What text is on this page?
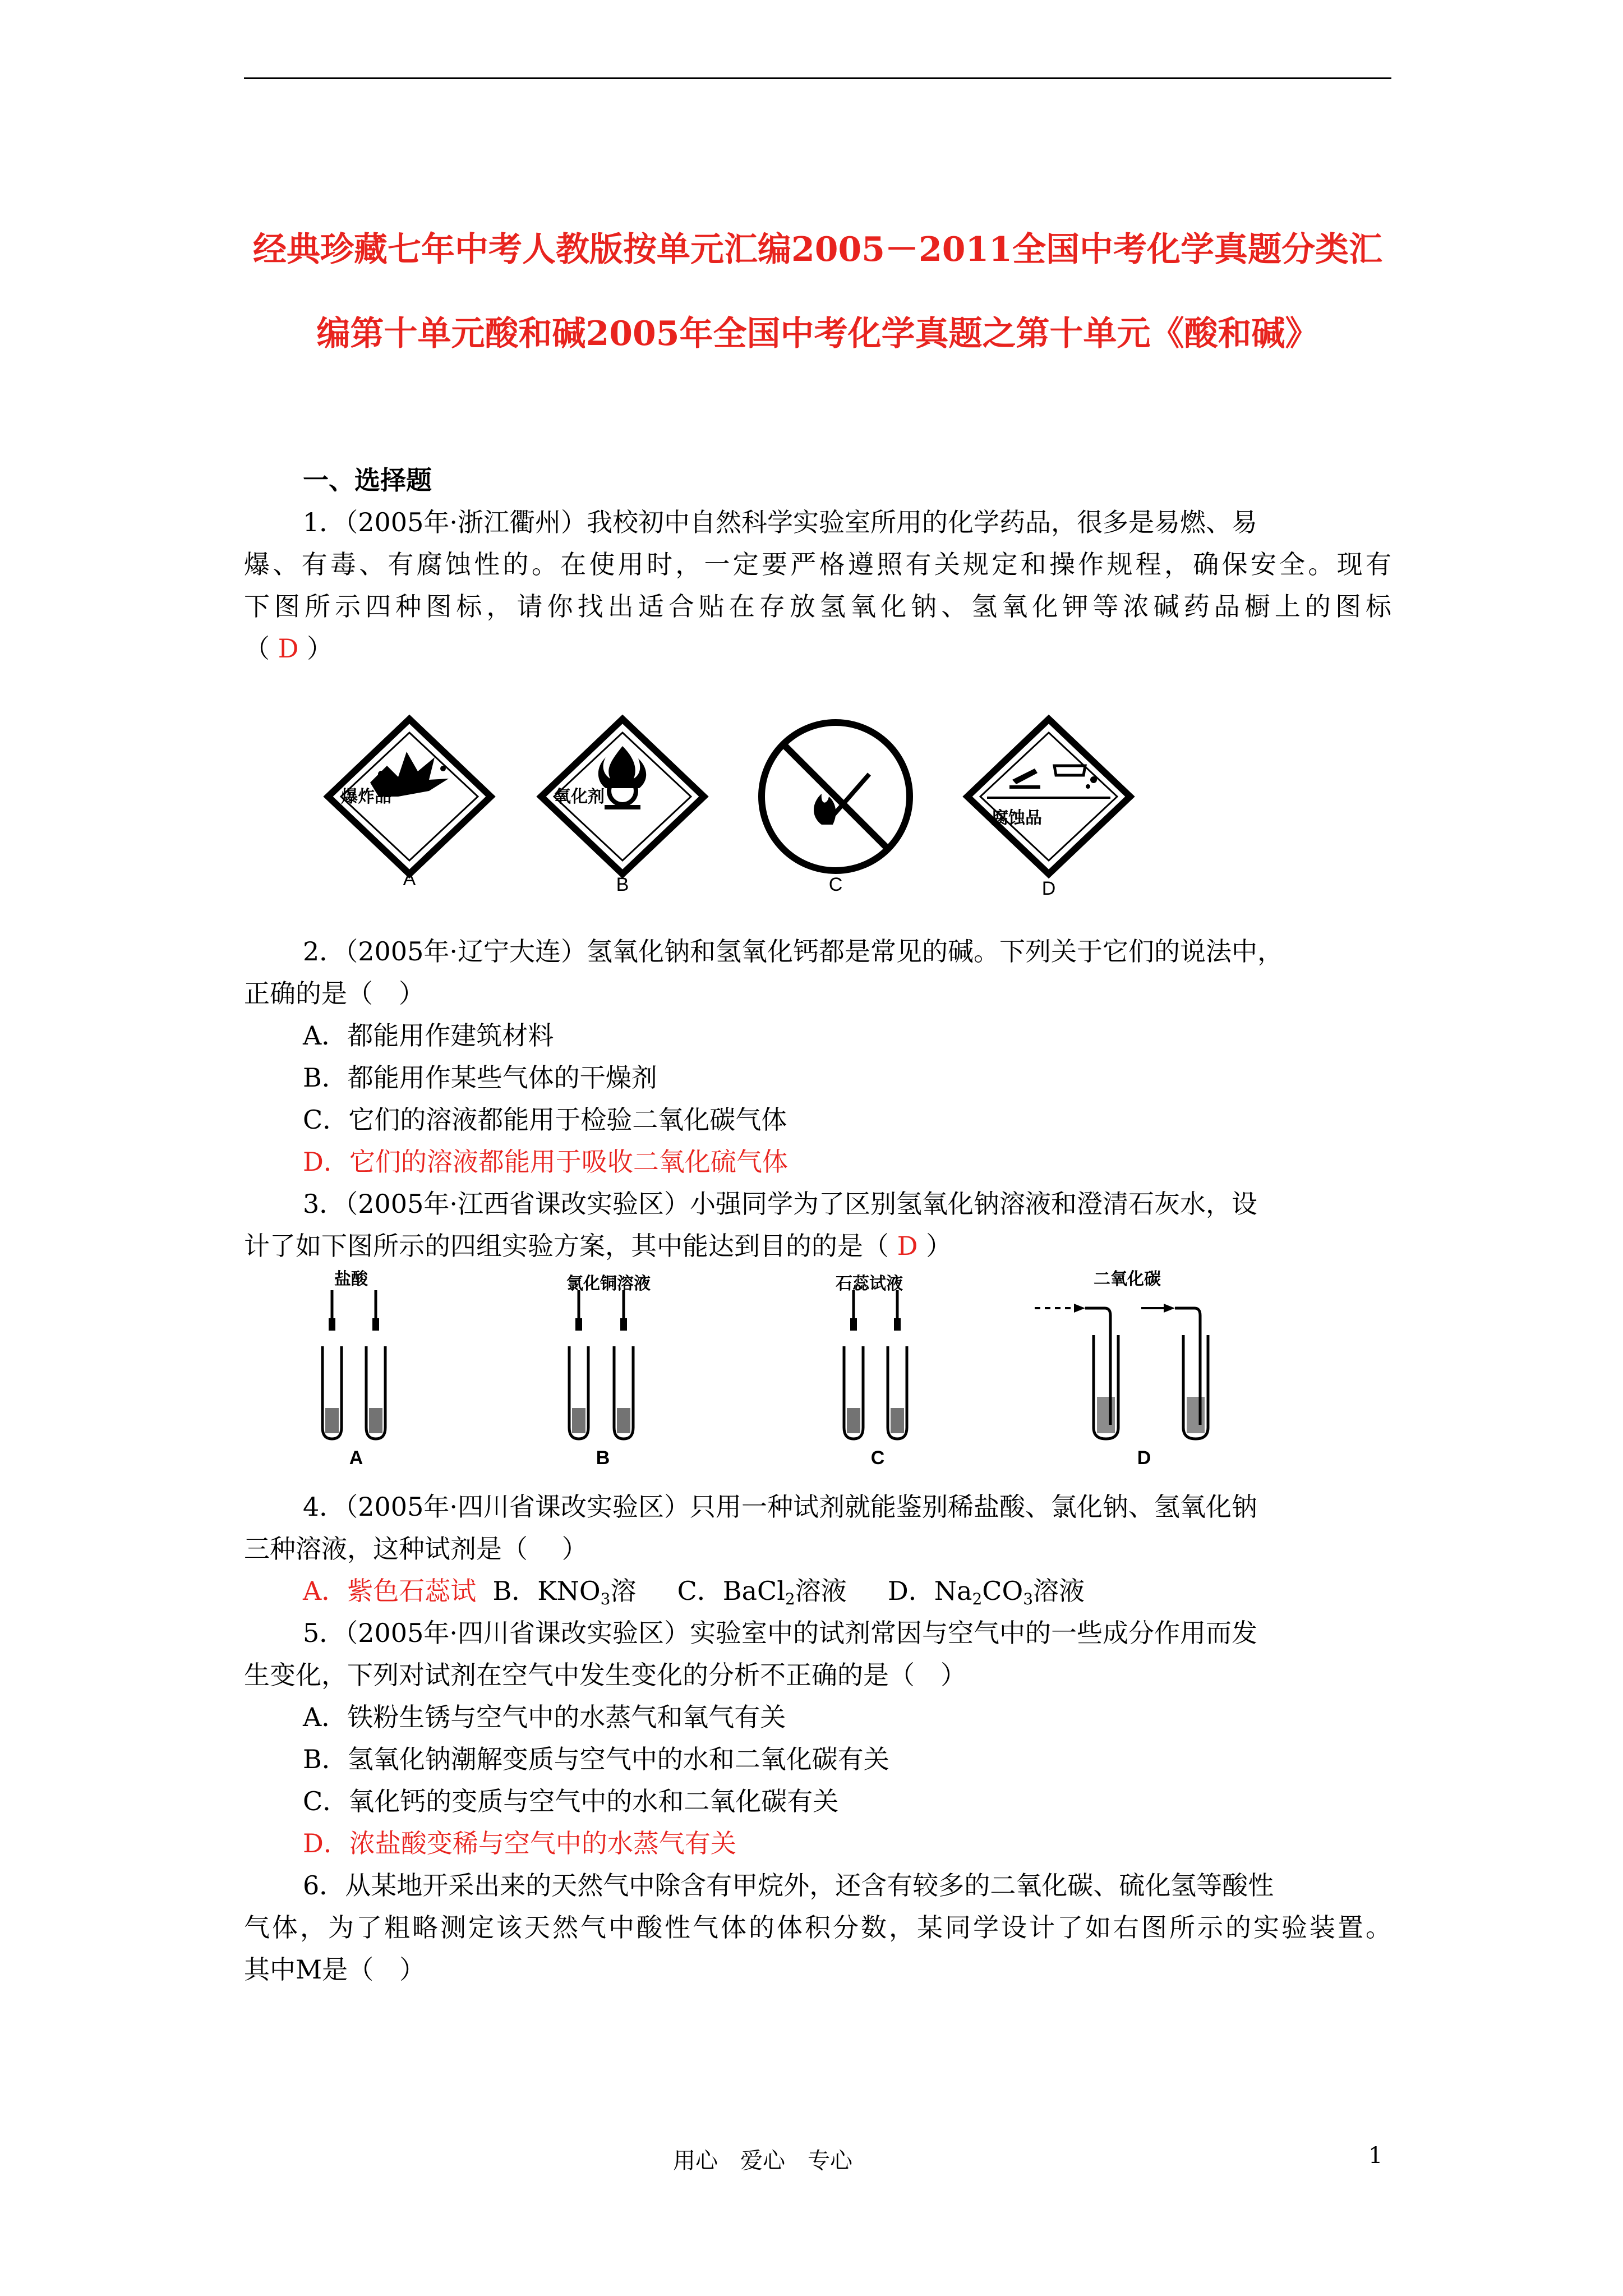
经典珍藏七年中考人教版按单元汇编2005－2011全国中考化学真题分类汇编第十单元酸和碱2005年全国中考化学真题之第十单元《酸和碱》
一、选择题
1．（2005年·浙江衢州）我校初中自然科学实验室所用的化学药品，很多是易燃、易
爆、有毒、有腐蚀性的。在使用时，一定要严格遵照有关规定和操作规程，确保安全。现有
下图所示四种图标，请你找出适合贴在存放氢氧化钠、氢氧化钾等浓碱药品橱上的图标
（ D ）
爆炸品	氧化剂
腐蚀品
A	B	C	D
2．（2005年·辽宁大连）氢氧化钠和氢氧化钙都是常见的碱。下列关于它们的说法中，
正确的是（　）
A．都能用作建筑材料
B．都能用作某些气体的干燥剂
C．它们的溶液都能用于检验二氧化碳气体
D．它们的溶液都能用于吸收二氧化硫气体
3．（2005年·江西省课改实验区）小强同学为了区别氢氧化钠溶液和澄清石灰水，设
计了如下图所示的四组实验方案，其中能达到目的的是（ D ）
盐酸	氯化铜溶液	石蕊试液	二氧化碳
A	B	C	D
4．（2005年·四川省课改实验区）只用一种试剂就能鉴别稀盐酸、氯化钠、氢氧化钠
三种溶液，这种试剂是（　 ）
A．紫色石蕊试 B．$KNO_3$溶 C．BaCl$_2$溶液 D．$Na_2CO_3$溶液
5．（2005年·四川省课改实验区）实验室中的试剂常因与空气中的一些成分作用而发
生变化，下列对试剂在空气中发生变化的分析不正确的是（　）
A．铁粉生锈与空气中的水蒸气和氧气有关
B．氢氧化钠潮解变质与空气中的水和二氧化碳有关
C．氧化钙的变质与空气中的水和二氧化碳有关
D．浓盐酸变稀与空气中的水蒸气有关
6．从某地开采出来的天然气中除含有甲烷外，还含有较多的二氧化碳、硫化氢等酸性
气体，为了粗略测定该天然气中酸性气体的体积分数，某同学设计了如右图所示的实验装置。
其中M是（　）
用心　爱心　专心	1
